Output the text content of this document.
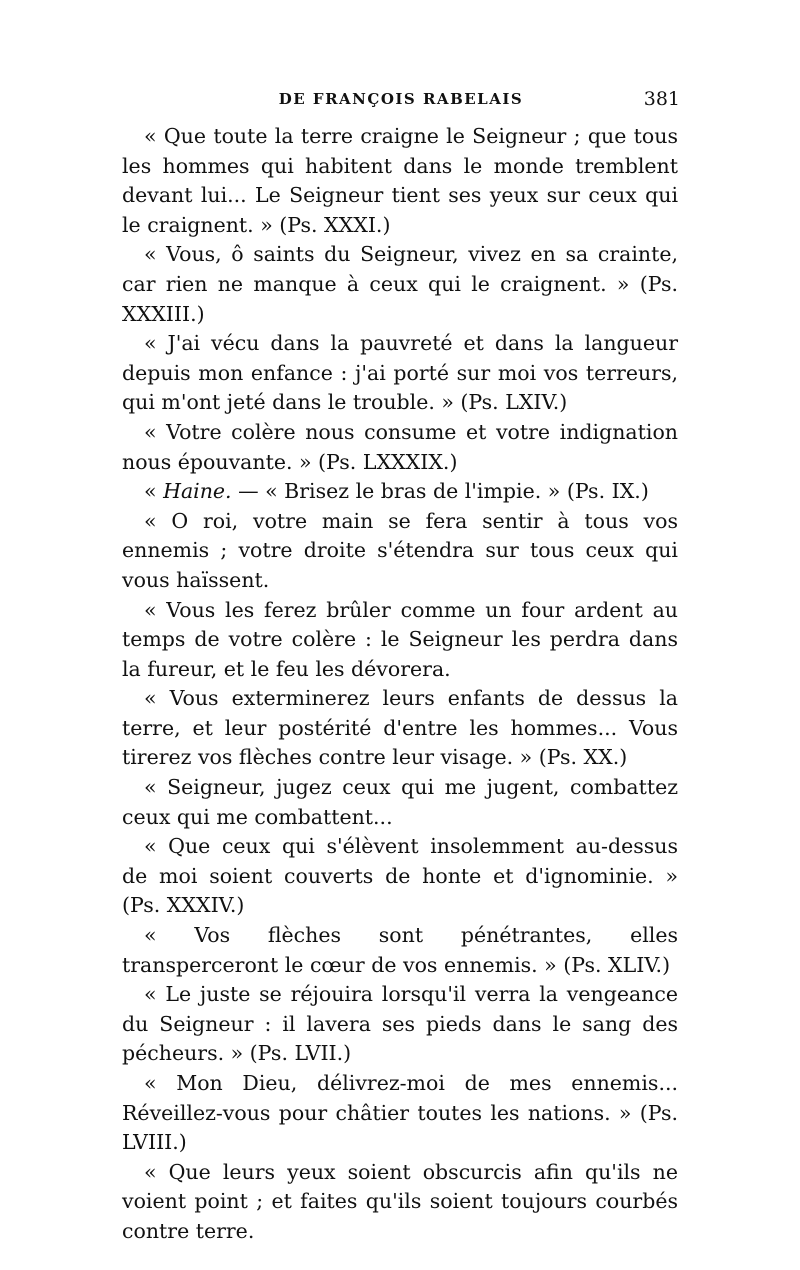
DE FRANÇOIS RABELAIS	381

« Que toute la terre craigne le Seigneur ; que tous les hommes qui habitent dans le monde tremblent devant lui... Le Seigneur tient ses yeux sur ceux qui le craignent. » (Ps. XXXI.)

« Vous, ô saints du Seigneur, vivez en sa crainte, car rien ne manque à ceux qui le craignent. » (Ps. XXXIII.)

« J'ai vécu dans la pauvreté et dans la langueur depuis mon enfance : j'ai porté sur moi vos terreurs, qui m'ont jeté dans le trouble. » (Ps. LXIV.)

« Votre colère nous consume et votre indignation nous épouvante. » (Ps. LXXXIX.)

« Haine. — « Brisez le bras de l'impie. » (Ps. IX.)

« O roi, votre main se fera sentir à tous vos ennemis ; votre droite s'étendra sur tous ceux qui vous haïssent.

« Vous les ferez brûler comme un four ardent au temps de votre colère : le Seigneur les perdra dans la fureur, et le feu les dévorera.

« Vous exterminerez leurs enfants de dessus la terre, et leur postérité d'entre les hommes... Vous tirerez vos flèches contre leur visage. » (Ps. XX.)

« Seigneur, jugez ceux qui me jugent, combattez ceux qui me combattent...

« Que ceux qui s'élèvent insolemment au-dessus de moi soient couverts de honte et d'ignominie. » (Ps. XXXIV.)

« Vos flèches sont pénétrantes, elles transperceront le cœur de vos ennemis. » (Ps. XLIV.)

« Le juste se réjouira lorsqu'il verra la vengeance du Seigneur : il lavera ses pieds dans le sang des pécheurs. » (Ps. LVII.)

« Mon Dieu, délivrez-moi de mes ennemis... Réveillez-vous pour châtier toutes les nations. » (Ps. LVIII.)

« Que leurs yeux soient obscurcis afin qu'ils ne voient point ; et faites qu'ils soient toujours courbés contre terre.
